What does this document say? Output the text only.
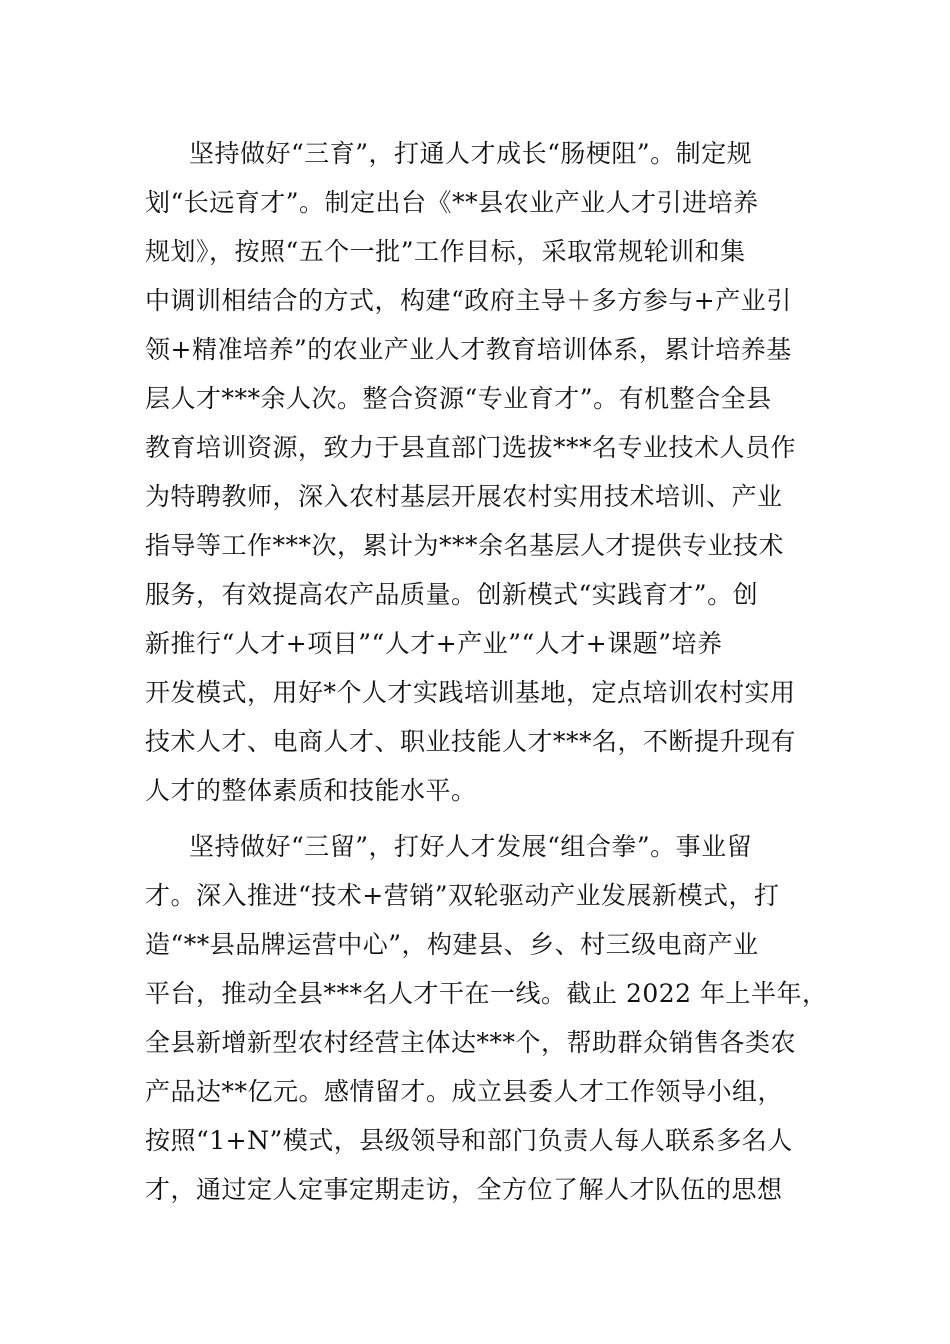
坚持做好“三育”，打通人才成长“肠梗阻”。制定规
划“长远育才”。制定出台《**县农业产业人才引进培养
规划》，按照“五个一批”工作目标，采取常规轮训和集
中调训相结合的方式，构建“政府主导＋多方参与+产业引
领+精准培养”的农业产业人才教育培训体系，累计培养基
层人才***余人次。整合资源“专业育才”。有机整合全县
教育培训资源，致力于县直部门选拔***名专业技术人员作
为特聘教师，深入农村基层开展农村实用技术培训、产业
指导等工作***次，累计为***余名基层人才提供专业技术
服务，有效提高农产品质量。创新模式“实践育才”。创
新推行“人才+项目”“人才+产业”“人才+课题”培养
开发模式，用好*个人才实践培训基地，定点培训农村实用
技术人才、电商人才、职业技能人才***名，不断提升现有
人才的整体素质和技能水平。
坚持做好“三留”，打好人才发展“组合拳”。事业留
才。深入推进“技术+营销”双轮驱动产业发展新模式，打
造“**县品牌运营中心”，构建县、乡、村三级电商产业
平台，推动全县***名人才干在一线。截止 2022 年上半年，
全县新增新型农村经营主体达***个，帮助群众销售各类农
产品达**亿元。感情留才。成立县委人才工作领导小组，
按照“1+N”模式，县级领导和部门负责人每人联系多名人
才，通过定人定事定期走访，全方位了解人才队伍的思想
